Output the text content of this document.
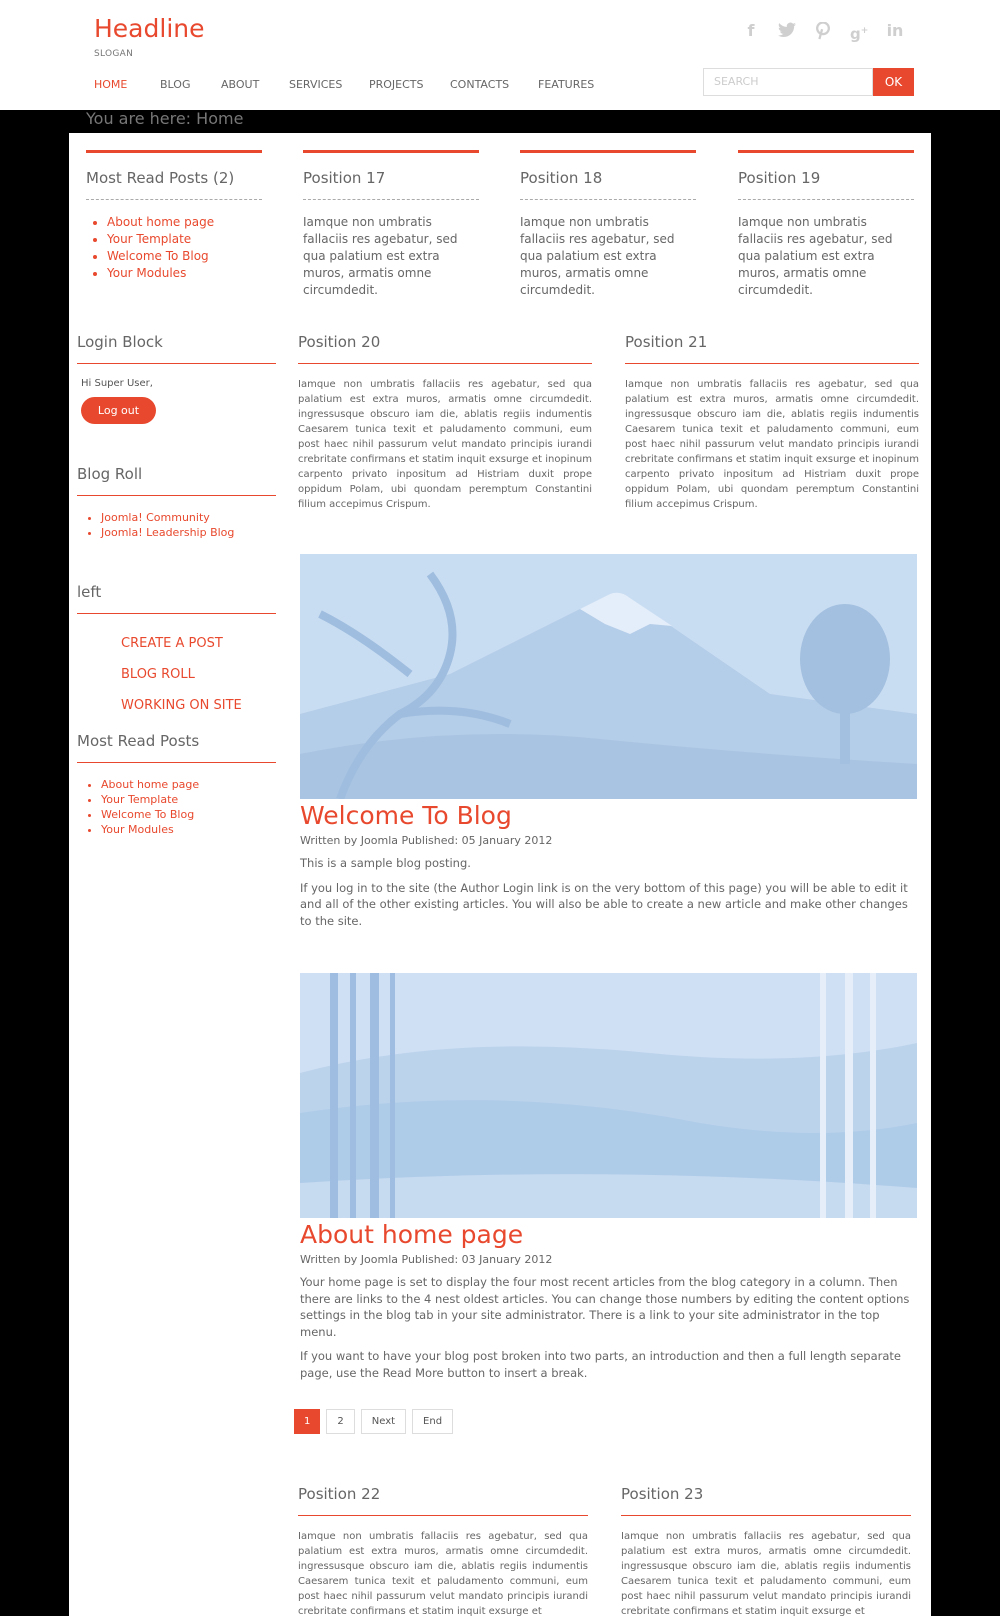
Headline
SLOGAN
f	g+ in
HOME	BLOG	ABOUT	SERVICES	PROJECTS	CONTACTS	FEATURES	SEARCH	OK
You are here: Home
Most Read Posts (2)
• About home page
• Your Template
• Welcome To Blog
• Your Modules
Position 17

Iamque non umbratis fallaciis res agebatur, sed qua palatium est extra muros, armatis omne circumdedit.

Position 18

Iamque non umbratis fallaciis res agebatur, sed qua palatium est extra muros, armatis omne circumdedit.

Position 19

Iamque non umbratis fallaciis res agebatur, sed qua palatium est extra muros, armatis omne circumdedit.

Login Block
Hi Super User,
Log out
Blog Roll
• Joomla! Community
• Joomla! Leadership Blog
left
CREATE A POST
BLOG ROLL
WORKING ON SITE
Most Read Posts
• About home page
• Your Template
• Welcome To Blog
• Your Modules
Position 20

Iamque non umbratis fallaciis res agebatur, sed qua palatium est extra muros, armatis omne circumdedit. ingressusque obscuro iam die, ablatis regiis indumentis Caesarem tunica texit et paludamento communi, eum post haec nihil passurum velut mandato principis iurandi crebritate confirmans et statim inquit exsurge et inopinum carpento privato inpositum ad Histriam duxit prope oppidum Polam, ubi quondam peremptum Constantini filium accepimus Crispum.

Position 21

Iamque non umbratis fallaciis res agebatur, sed qua palatium est extra muros, armatis omne circumdedit. ingressusque obscuro iam die, ablatis regiis indumentis Caesarem tunica texit et paludamento communi, eum post haec nihil passurum velut mandato principis iurandi crebritate confirmans et statim inquit exsurge et inopinum carpento privato inpositum ad Histriam duxit prope oppidum Polam, ubi quondam peremptum Constantini filium accepimus Crispum.

Welcome To Blog
Written by Joomla Published: 05 January 2012

This is a sample blog posting.

If you log in to the site (the Author Login link is on the very bottom of this page) you will be able to edit it and all of the other existing articles. You will also be able to create a new article and make other changes to the site.

About home page
Written by Joomla Published: 03 January 2012

Your home page is set to display the four most recent articles from the blog category in a column. Then there are links to the 4 nest oldest articles. You can change those numbers by editing the content options settings in the blog tab in your site administrator. There is a link to your site administrator in the top menu.

If you want to have your blog post broken into two parts, an introduction and then a full length separate page, use the Read More button to insert a break.

1	2	Next	End
Position 22

Iamque non umbratis fallaciis res agebatur, sed qua palatium est extra muros, armatis omne circumdedit. ingressusque obscuro iam die, ablatis regiis indumentis Caesarem tunica texit et paludamento communi, eum post haec nihil passurum velut mandato principis iurandi crebritate confirmans et statim inquit exsurge et

Position 23

Iamque non umbratis fallaciis res agebatur, sed qua palatium est extra muros, armatis omne circumdedit. ingressusque obscuro iam die, ablatis regiis indumentis Caesarem tunica texit et paludamento communi, eum post haec nihil passurum velut mandato principis iurandi crebritate confirmans et statim inquit exsurge et
